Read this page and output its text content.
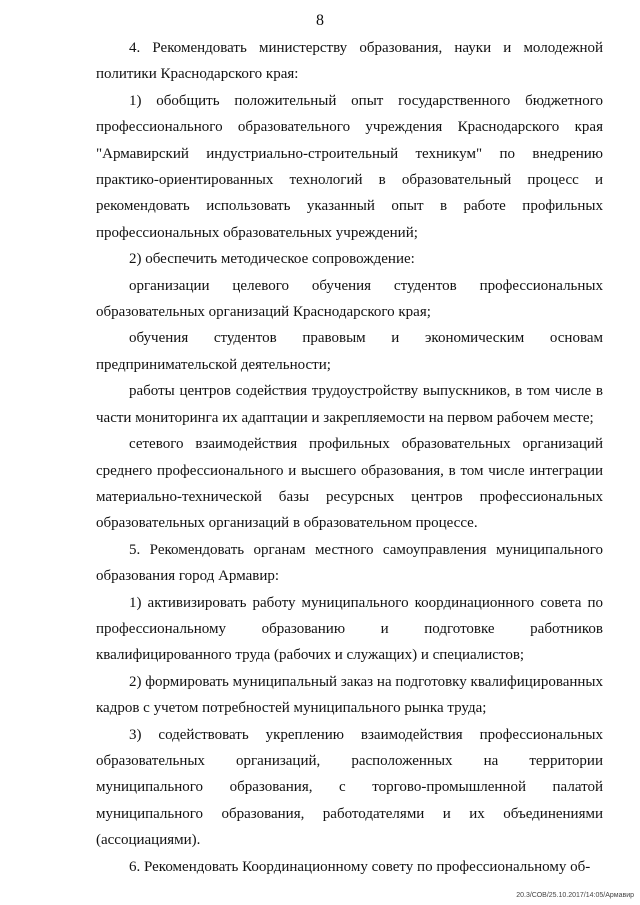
8

4. Рекомендовать министерству образования, науки и молодежной политики Краснодарского края:

1) обобщить положительный опыт государственного бюджетного профессионального образовательного учреждения Краснодарского края "Армавирский индустриально-строительный техникум" по внедрению практико-ориентированных технологий в образовательный процесс и рекомендовать использовать указанный опыт в работе профильных профессиональных образовательных учреждений;

2) обеспечить методическое сопровождение:

организации целевого обучения студентов профессиональных образовательных организаций Краснодарского края;

обучения студентов правовым и экономическим основам предпринимательской деятельности;

работы центров содействия трудоустройству выпускников, в том числе в части мониторинга их адаптации и закрепляемости на первом рабочем месте;

сетевого взаимодействия профильных образовательных организаций среднего профессионального и высшего образования, в том числе интеграции материально-технической базы ресурсных центров профессиональных образовательных организаций в образовательном процессе.

5. Рекомендовать органам местного самоуправления муниципального образования город Армавир:

1) активизировать работу муниципального координационного совета по профессиональному образованию и подготовке работников квалифицированного труда (рабочих и служащих) и специалистов;

2) формировать муниципальный заказ на подготовку квалифицированных кадров с учетом потребностей муниципального рынка труда;

3) содействовать укреплению взаимодействия профессиональных образовательных организаций, расположенных на территории муниципального образования, с торгово-промышленной палатой муниципального образования, работодателями и их объединениями (ассоциациями).

6. Рекомендовать Координационному совету по профессиональному об-

20.3/СОВ/25.10.2017/14:05/Армавир
